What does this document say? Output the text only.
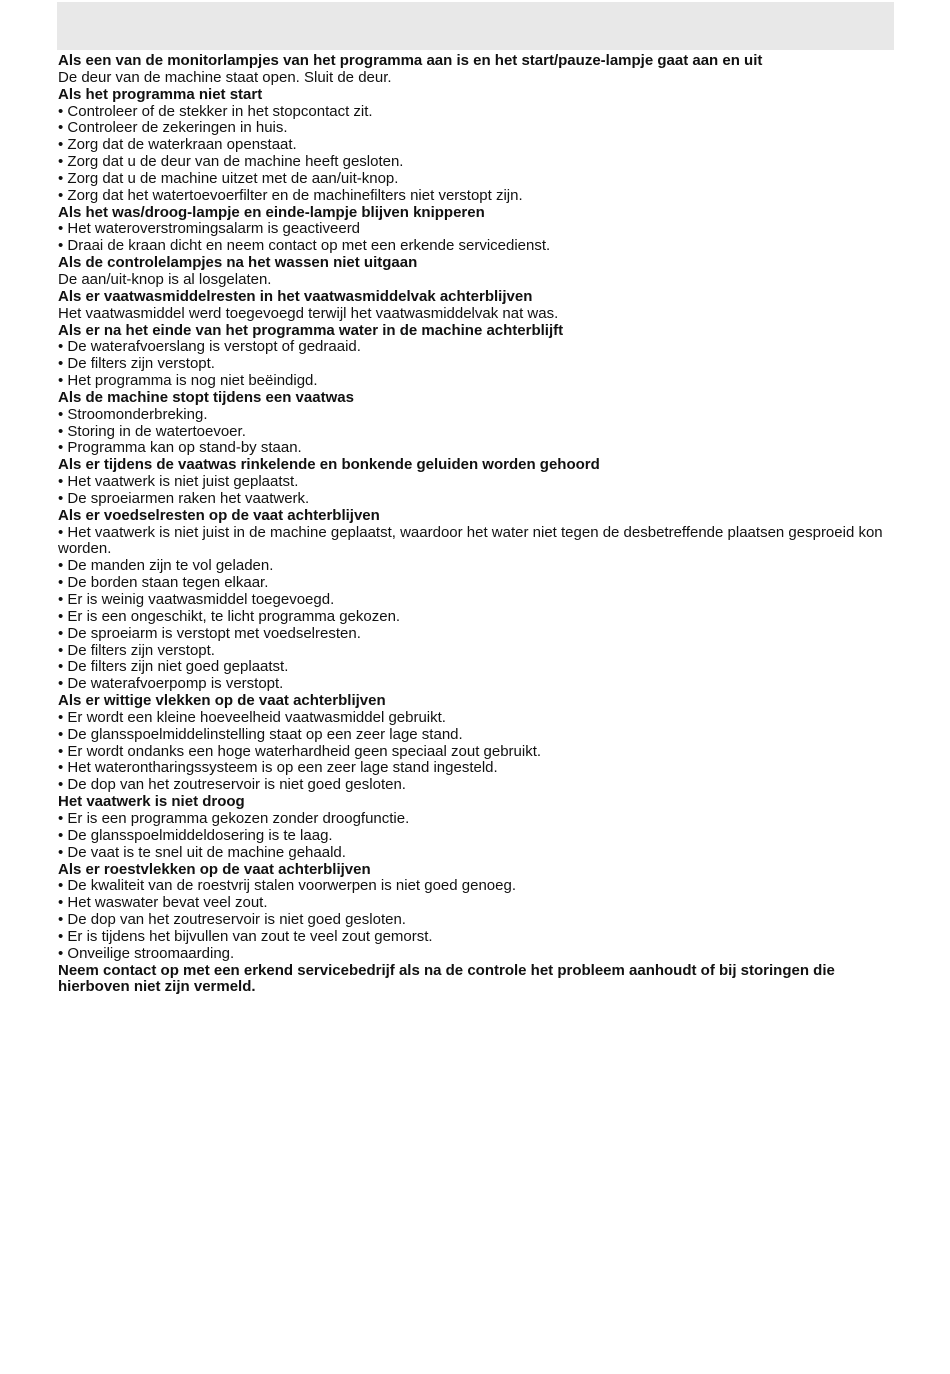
Als een van de monitorlampjes van het programma aan is en het start/pauze-lampje gaat aan en uit

De deur van de machine staat open. Sluit de deur.

Als het programma niet start

• Controleer of de stekker in het stopcontact zit.

• Controleer de zekeringen in huis.

• Zorg dat de waterkraan openstaat.

• Zorg dat u de deur van de machine heeft gesloten.

• Zorg dat u de machine uitzet met de aan/uit-knop.

• Zorg dat het watertoevoerfilter en de machinefilters niet verstopt zijn.

Als het was/droog-lampje en einde-lampje blijven knipperen

• Het wateroverstromingsalarm is geactiveerd

• Draai de kraan dicht en neem contact op met een erkende servicedienst.

Als de controlelampjes na het wassen niet uitgaan

De aan/uit-knop is al losgelaten.

Als er vaatwasmiddelresten in het vaatwasmiddelvak achterblijven

Het vaatwasmiddel werd toegevoegd terwijl het vaatwasmiddelvak nat was.

Als er na het einde van het programma water in de machine achterblijft

• De waterafvoerslang is verstopt of gedraaid.

• De filters zijn verstopt.

• Het programma is nog niet beëindigd.

Als de machine stopt tijdens een vaatwas

• Stroomonderbreking.

• Storing in de watertoevoer.

• Programma kan op stand-by staan.

Als er tijdens de vaatwas rinkelende en bonkende geluiden worden gehoord

• Het vaatwerk is niet juist geplaatst.

• De sproeiarmen raken het vaatwerk.

Als er voedselresten op de vaat achterblijven

• Het vaatwerk is niet juist in de machine geplaatst, waardoor het water niet tegen de desbetreffende plaatsen gesproeid kon worden.

• De manden zijn te vol geladen.

• De borden staan tegen elkaar.

• Er is weinig vaatwasmiddel toegevoegd.

• Er is een ongeschikt, te licht programma gekozen.

• De sproeiarm is verstopt met voedselresten.

• De filters zijn verstopt.

• De filters zijn niet goed geplaatst.

• De waterafvoerpomp is verstopt.

Als er wittige vlekken op de vaat achterblijven

• Er wordt een kleine hoeveelheid vaatwasmiddel gebruikt.

• De glansspoelmiddelinstelling staat op een zeer lage stand.

• Er wordt ondanks een hoge waterhardheid geen speciaal zout gebruikt.

• Het waterontharingssysteem is op een zeer lage stand ingesteld.

• De dop van het zoutreservoir is niet goed gesloten.

Het vaatwerk is niet droog

• Er is een programma gekozen zonder droogfunctie.

• De glansspoelmiddeldosering is te laag.

• De vaat is te snel uit de machine gehaald.

Als er roestvlekken op de vaat achterblijven

• De kwaliteit van de roestvrij stalen voorwerpen is niet goed genoeg.

• Het waswater bevat veel zout.

• De dop van het zoutreservoir is niet goed gesloten.

• Er is tijdens het bijvullen van zout te veel zout gemorst.

• Onveilige stroomaarding.

Neem contact op met een erkend servicebedrijf als na de controle het probleem aanhoudt of bij storingen die hierboven niet zijn vermeld.
